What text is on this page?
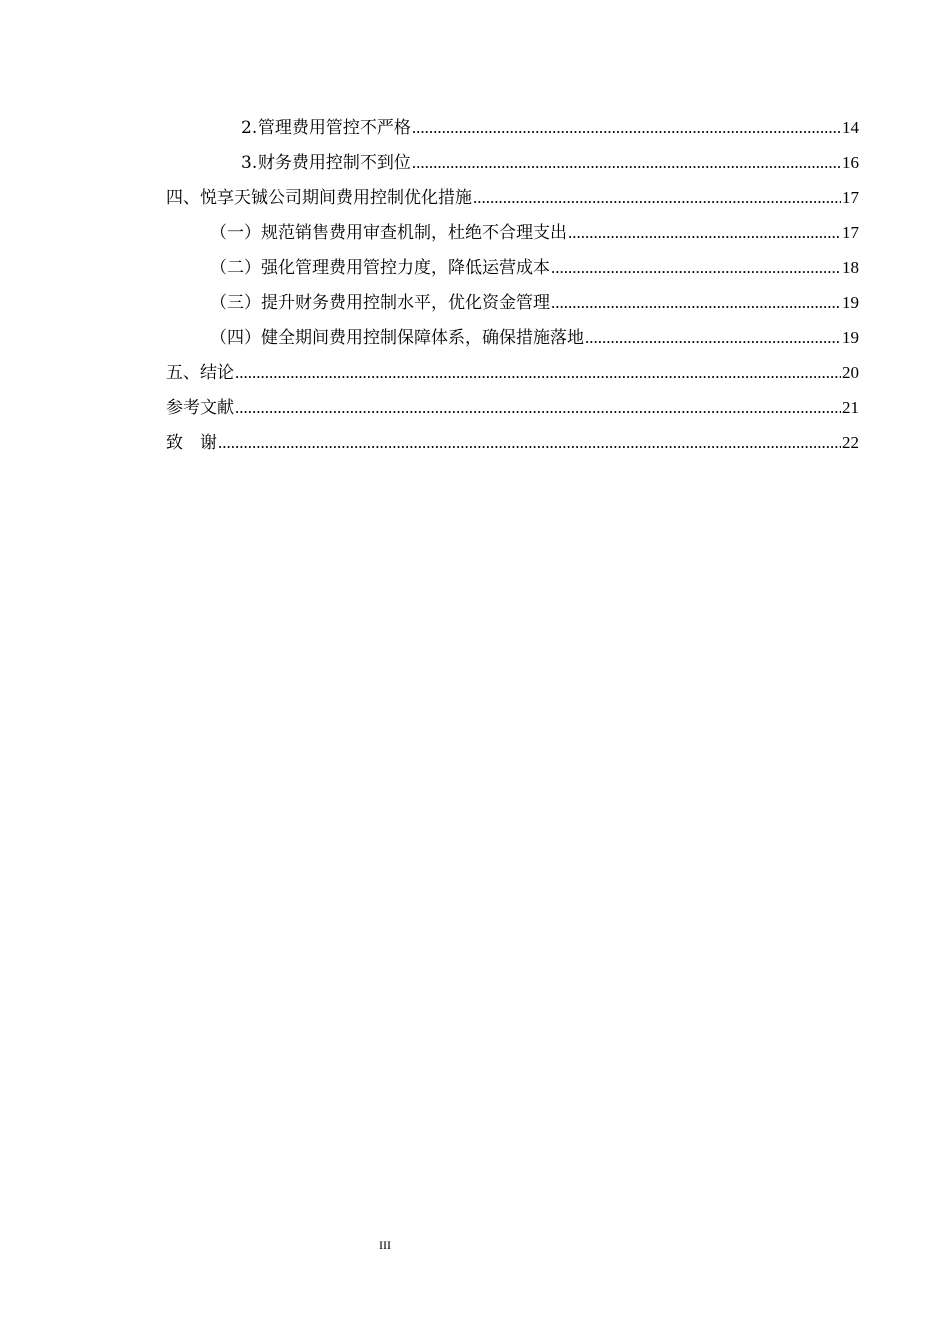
2. 管理费用管控不严格 .....	14
3. 财务费用控制不到位 .....	16
四、 悦享天铖公司期间费用控制优化措施 .....	17
（一） 规范销售费用审查机制，杜绝不合理支出 .....	17
（二） 强化管理费用管控力度，降低运营成本 .....	18
（三） 提升财务费用控制水平，优化资金管理 .....	19
（四） 健全期间费用控制保障体系，确保措施落地 .....	19
五、 结论 .....	20
参考文献 .....	21
致　谢 .....	22
III
